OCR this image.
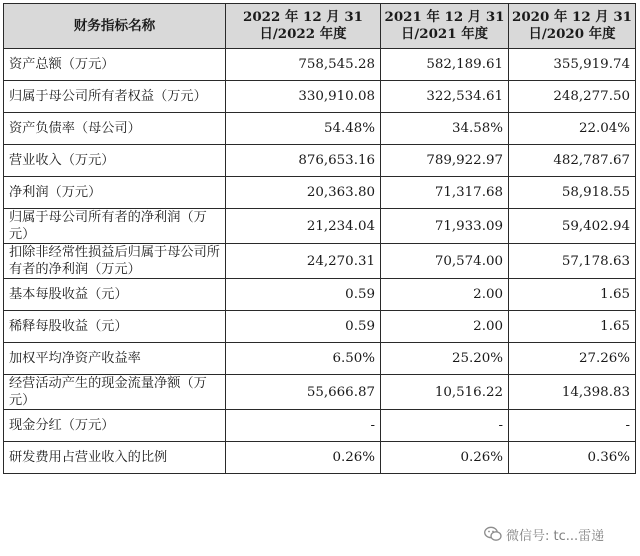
财务指标名称	2022 年 12 月 31 日/2022 年度	2021 年 12 月 31 日/2021 年度	2020 年 12 月 31 日/2020 年度
资产总额（万元）	758,545.28	582,189.61	355,919.74
归属于母公司所有者权益（万元）	330,910.08	322,534.61	248,277.50
资产负债率（母公司）	54.48%	34.58%	22.04%
营业收入（万元）	876,653.16	789,922.97	482,787.67
净利润（万元）	20,363.80	71,317.68	58,918.55
归属于母公司所有者的净利润（万元）	21,234.04	71,933.09	59,402.94
扣除非经常性损益后归属于母公司所有者的净利润（万元）	24,270.31	70,574.00	57,178.63
基本每股收益（元）	0.59	2.00	1.65
稀释每股收益（元）	0.59	2.00	1.65
加权平均净资产收益率	6.50%	25.20%	27.26%
经营活动产生的现金流量净额（万元）	55,666.87	10,516.22	14,398.83
现金分红（万元）	-	-	-
研发费用占营业收入的比例	0.26%	0.26%	0.36%
微信号: tc...雷递
